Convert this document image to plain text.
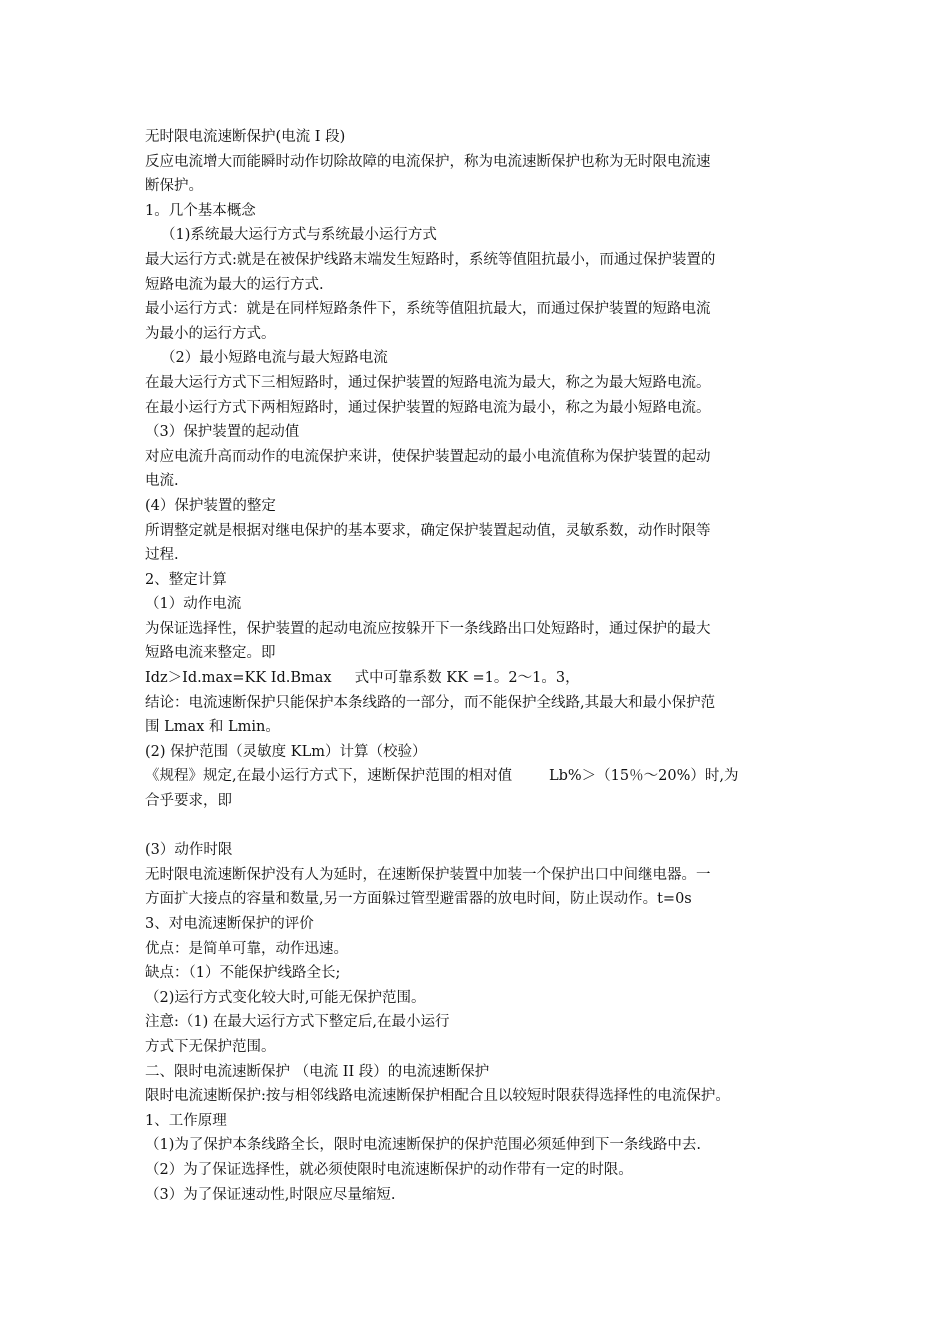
无时限电流速断保护(电流 I 段)
反应电流增大而能瞬时动作切除故障的电流保护，称为电流速断保护也称为无时限电流速
断保护。
1。几个基本概念
（1)系统最大运行方式与系统最小运行方式
最大运行方式:就是在被保护线路末端发生短路时，系统等值阻抗最小，而通过保护装置的
短路电流为最大的运行方式.
最小运行方式：就是在同样短路条件下，系统等值阻抗最大，而通过保护装置的短路电流
为最小的运行方式。
（2）最小短路电流与最大短路电流
在最大运行方式下三相短路时，通过保护装置的短路电流为最大，称之为最大短路电流。
在最小运行方式下两相短路时，通过保护装置的短路电流为最小，称之为最小短路电流。
（3）保护装置的起动值
对应电流升高而动作的电流保护来讲，使保护装置起动的最小电流值称为保护装置的起动
电流.
(4）保护装置的整定
所谓整定就是根据对继电保护的基本要求，确定保护装置起动值，灵敏系数，动作时限等
过程.
2、整定计算
（1）动作电流
为保证选择性，保护装置的起动电流应按躲开下一条线路出口处短路时，通过保护的最大
短路电流来整定。即
Idz＞Id.max=KK Id.Bmax     式中可靠系数 KK =1。2～1。3，
结论：电流速断保护只能保护本条线路的一部分，而不能保护全线路,其最大和最小保护范
围 Lmax 和 Lmin。
(2) 保护范围（灵敏度 KLm）计算（校验）
《规程》规定,在最小运行方式下，速断保护范围的相对值        Lb%＞（15％～20%）时,为
合乎要求，即
(3）动作时限
无时限电流速断保护没有人为延时，在速断保护装置中加装一个保护出口中间继电器。一
方面扩大接点的容量和数量,另一方面躲过管型避雷器的放电时间，防止误动作。t=0s
3、对电流速断保护的评价
优点：是简单可靠，动作迅速。
缺点：（1）不能保护线路全长;
（2)运行方式变化较大时,可能无保护范围。
注意:（1) 在最大运行方式下整定后,在最小运行
方式下无保护范围。
二、限时电流速断保护 （电流 II 段）的电流速断保护
限时电流速断保护:按与相邻线路电流速断保护相配合且以较短时限获得选择性的电流保护。
1、工作原理
（1)为了保护本条线路全长，限时电流速断保护的保护范围必须延伸到下一条线路中去.
（2）为了保证选择性，就必须使限时电流速断保护的动作带有一定的时限。
（3）为了保证速动性,时限应尽量缩短.
